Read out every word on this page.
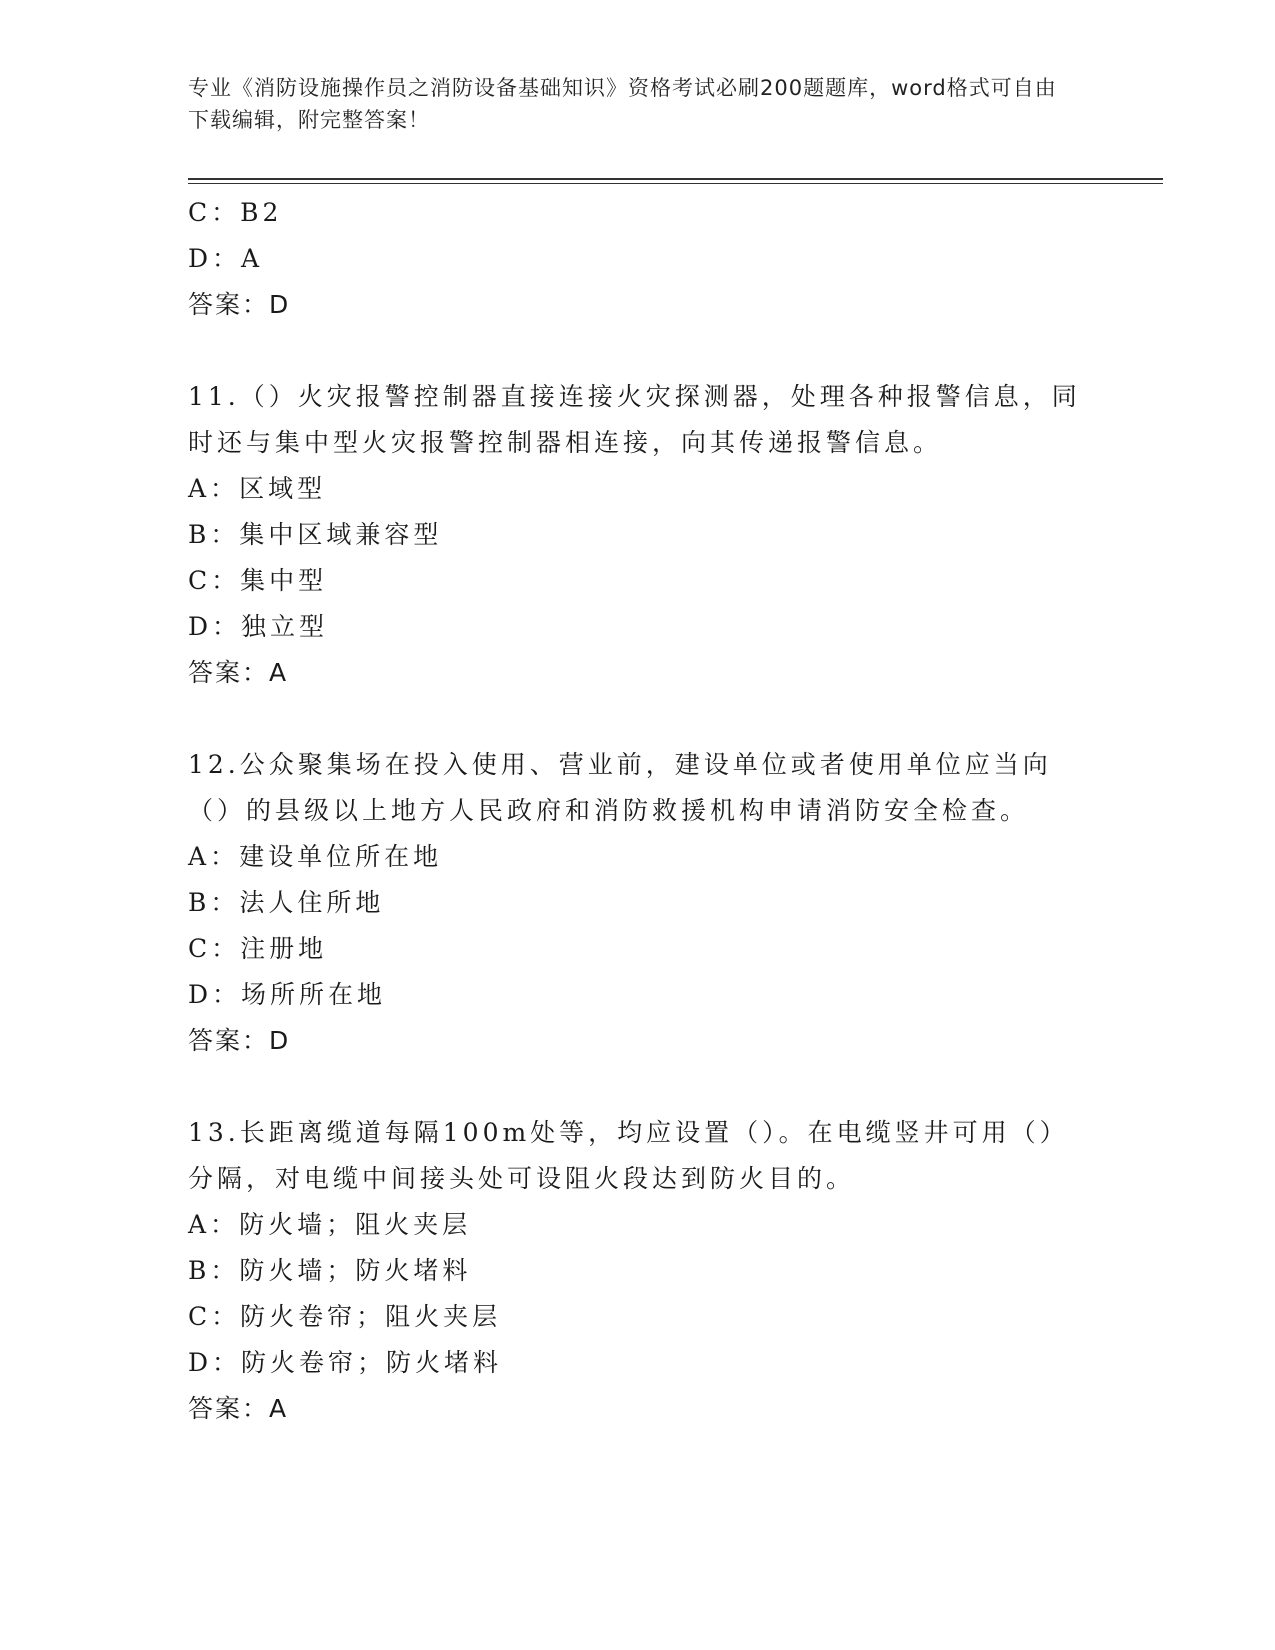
专业《消防设施操作员之消防设备基础知识》资格考试必刷200题题库，word格式可自由下载编辑，附完整答案！
C：B2
D：A
答案：D
11.（）火灾报警控制器直接连接火灾探测器，处理各种报警信息，同时还与集中型火灾报警控制器相连接，向其传递报警信息。
A：区域型
B：集中区域兼容型
C：集中型
D：独立型
答案：A
12.公众聚集场在投入使用、营业前，建设单位或者使用单位应当向（）的县级以上地方人民政府和消防救援机构申请消防安全检查。
A：建设单位所在地
B：法人住所地
C：注册地
D：场所所在地
答案：D
13.长距离缆道每隔100m处等，均应设置（）。在电缆竖井可用（）分隔，对电缆中间接头处可设阻火段达到防火目的。
A：防火墙；阻火夹层
B：防火墙；防火堵料
C：防火卷帘；阻火夹层
D：防火卷帘；防火堵料
答案：A
